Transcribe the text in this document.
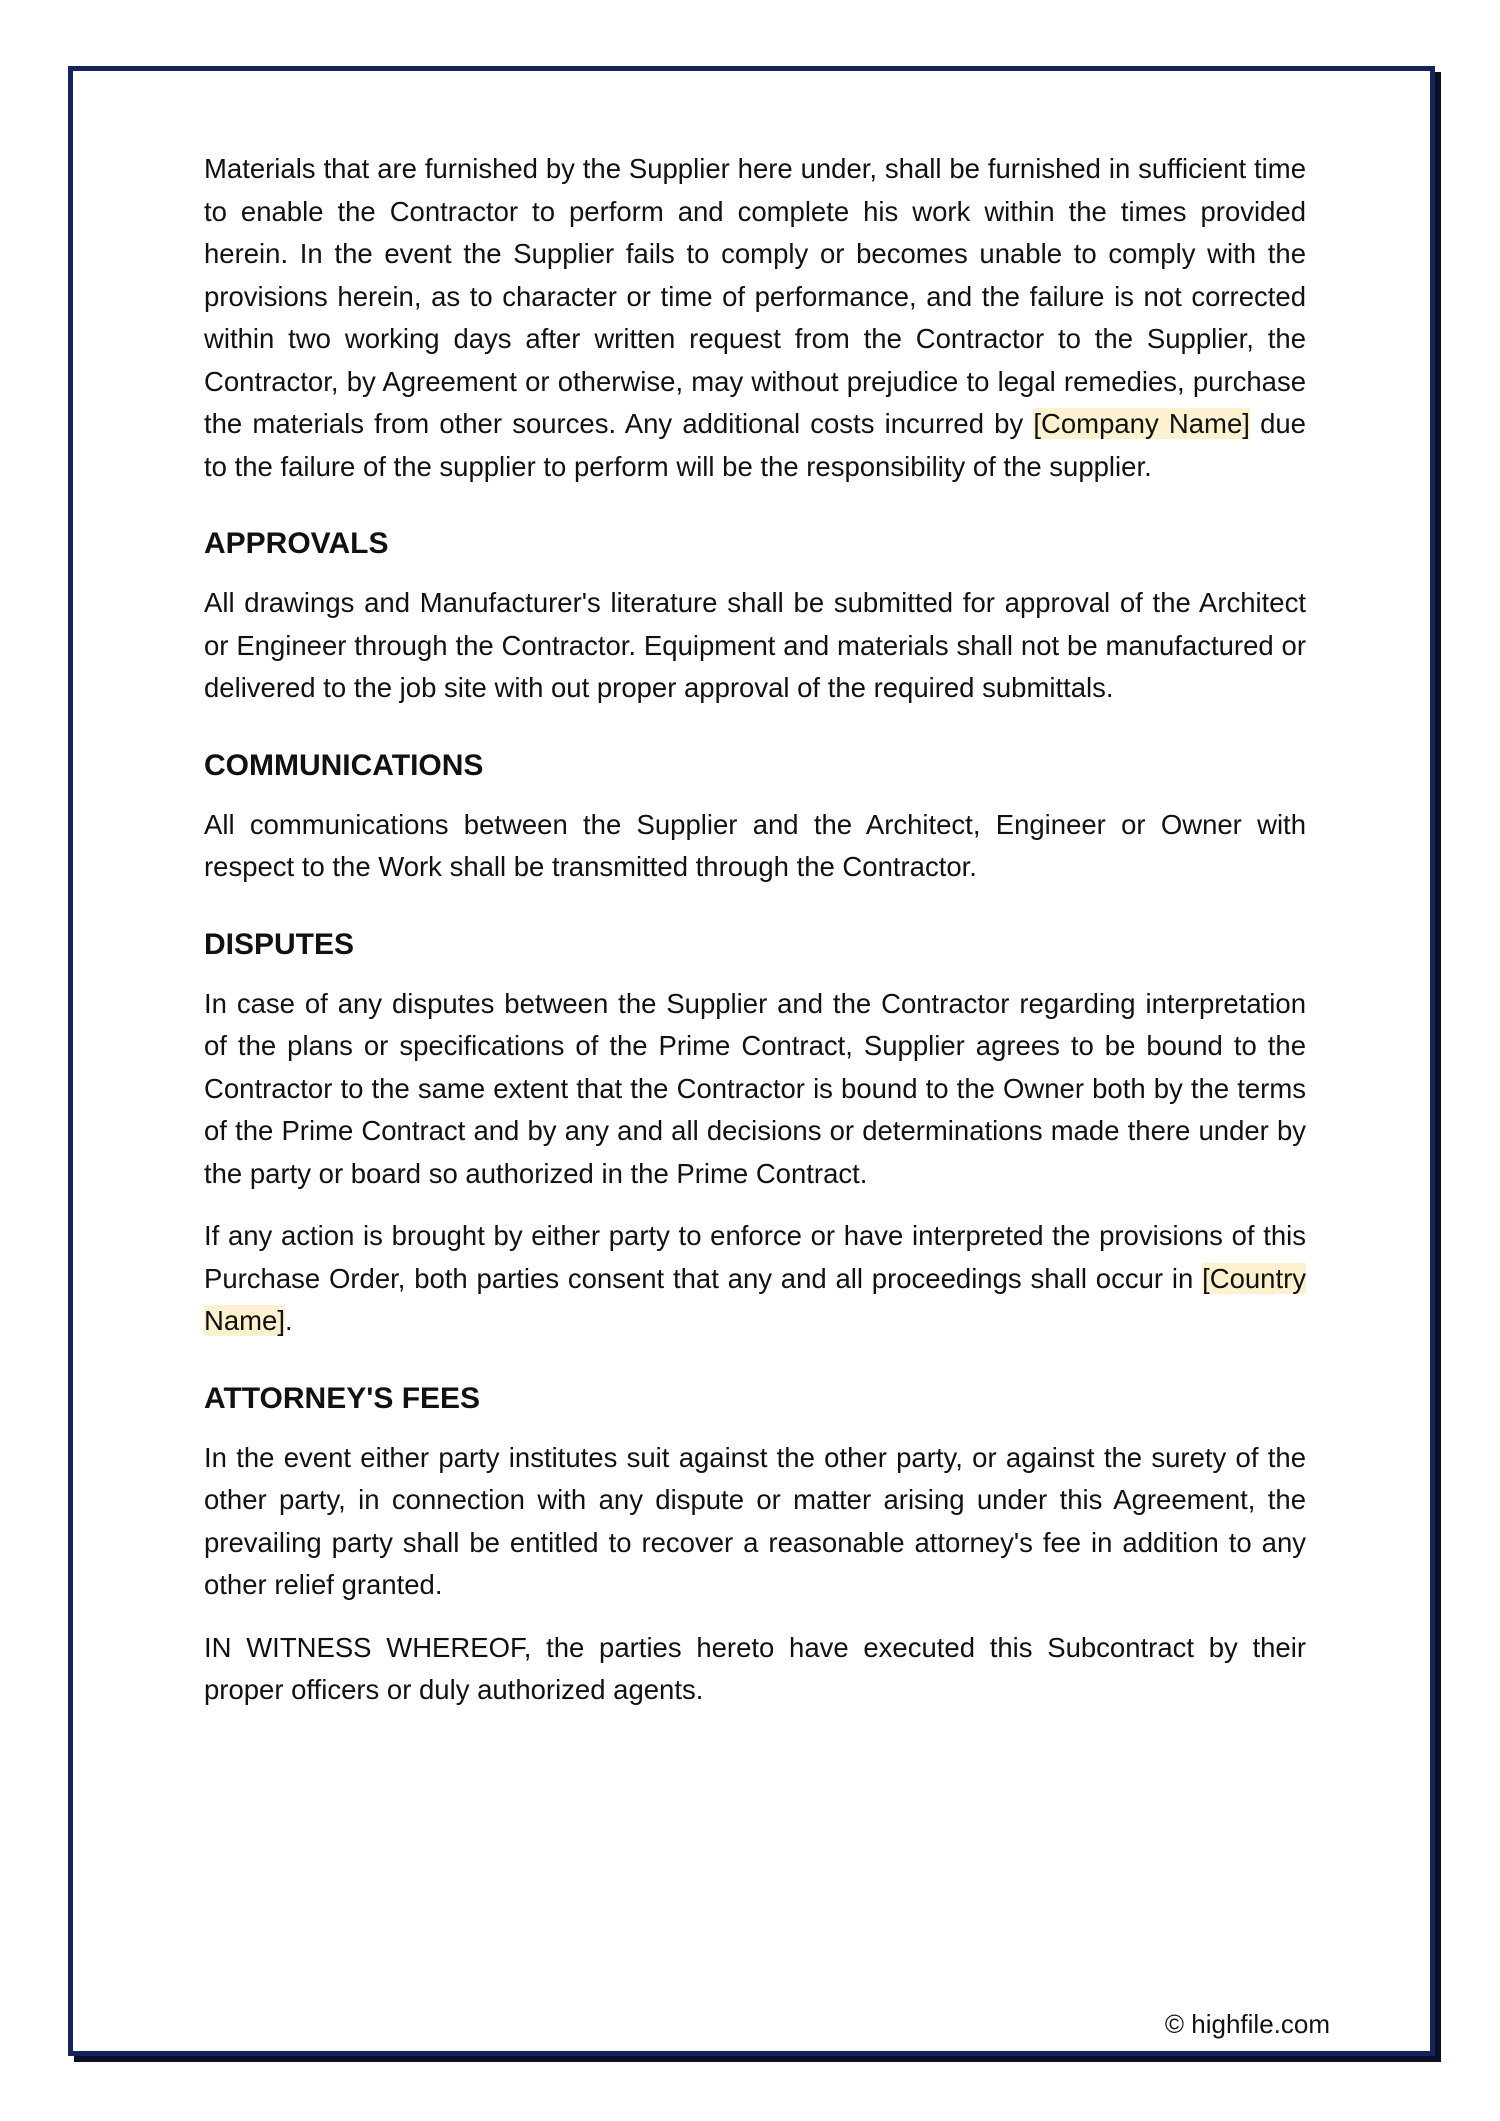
Materials that are furnished by the Supplier here under, shall be furnished in sufficient time to enable the Contractor to perform and complete his work within the times provided herein. In the event the Supplier fails to comply or becomes unable to comply with the provisions herein, as to character or time of performance, and the failure is not corrected within two working days after written request from the Contractor to the Supplier, the Contractor, by Agreement or otherwise, may without prejudice to legal remedies, purchase the materials from other sources. Any additional costs incurred by [Company Name] due to the failure of the supplier to perform will be the responsibility of the supplier.

APPROVALS

All drawings and Manufacturer's literature shall be submitted for approval of the Architect or Engineer through the Contractor. Equipment and materials shall not be manufactured or delivered to the job site with out proper approval of the required submittals.

COMMUNICATIONS

All communications between the Supplier and the Architect, Engineer or Owner with respect to the Work shall be transmitted through the Contractor.

DISPUTES

In case of any disputes between the Supplier and the Contractor regarding interpretation of the plans or specifications of the Prime Contract, Supplier agrees to be bound to the Contractor to the same extent that the Contractor is bound to the Owner both by the terms of the Prime Contract and by any and all decisions or determinations made there under by the party or board so authorized in the Prime Contract.

If any action is brought by either party to enforce or have interpreted the provisions of this Purchase Order, both parties consent that any and all proceedings shall occur in [Country Name].

ATTORNEY'S FEES

In the event either party institutes suit against the other party, or against the surety of the other party, in connection with any dispute or matter arising under this Agreement, the prevailing party shall be entitled to recover a reasonable attorney's fee in addition to any other relief granted.

IN WITNESS WHEREOF, the parties hereto have executed this Subcontract by their proper officers or duly authorized agents.

© highfile.com
